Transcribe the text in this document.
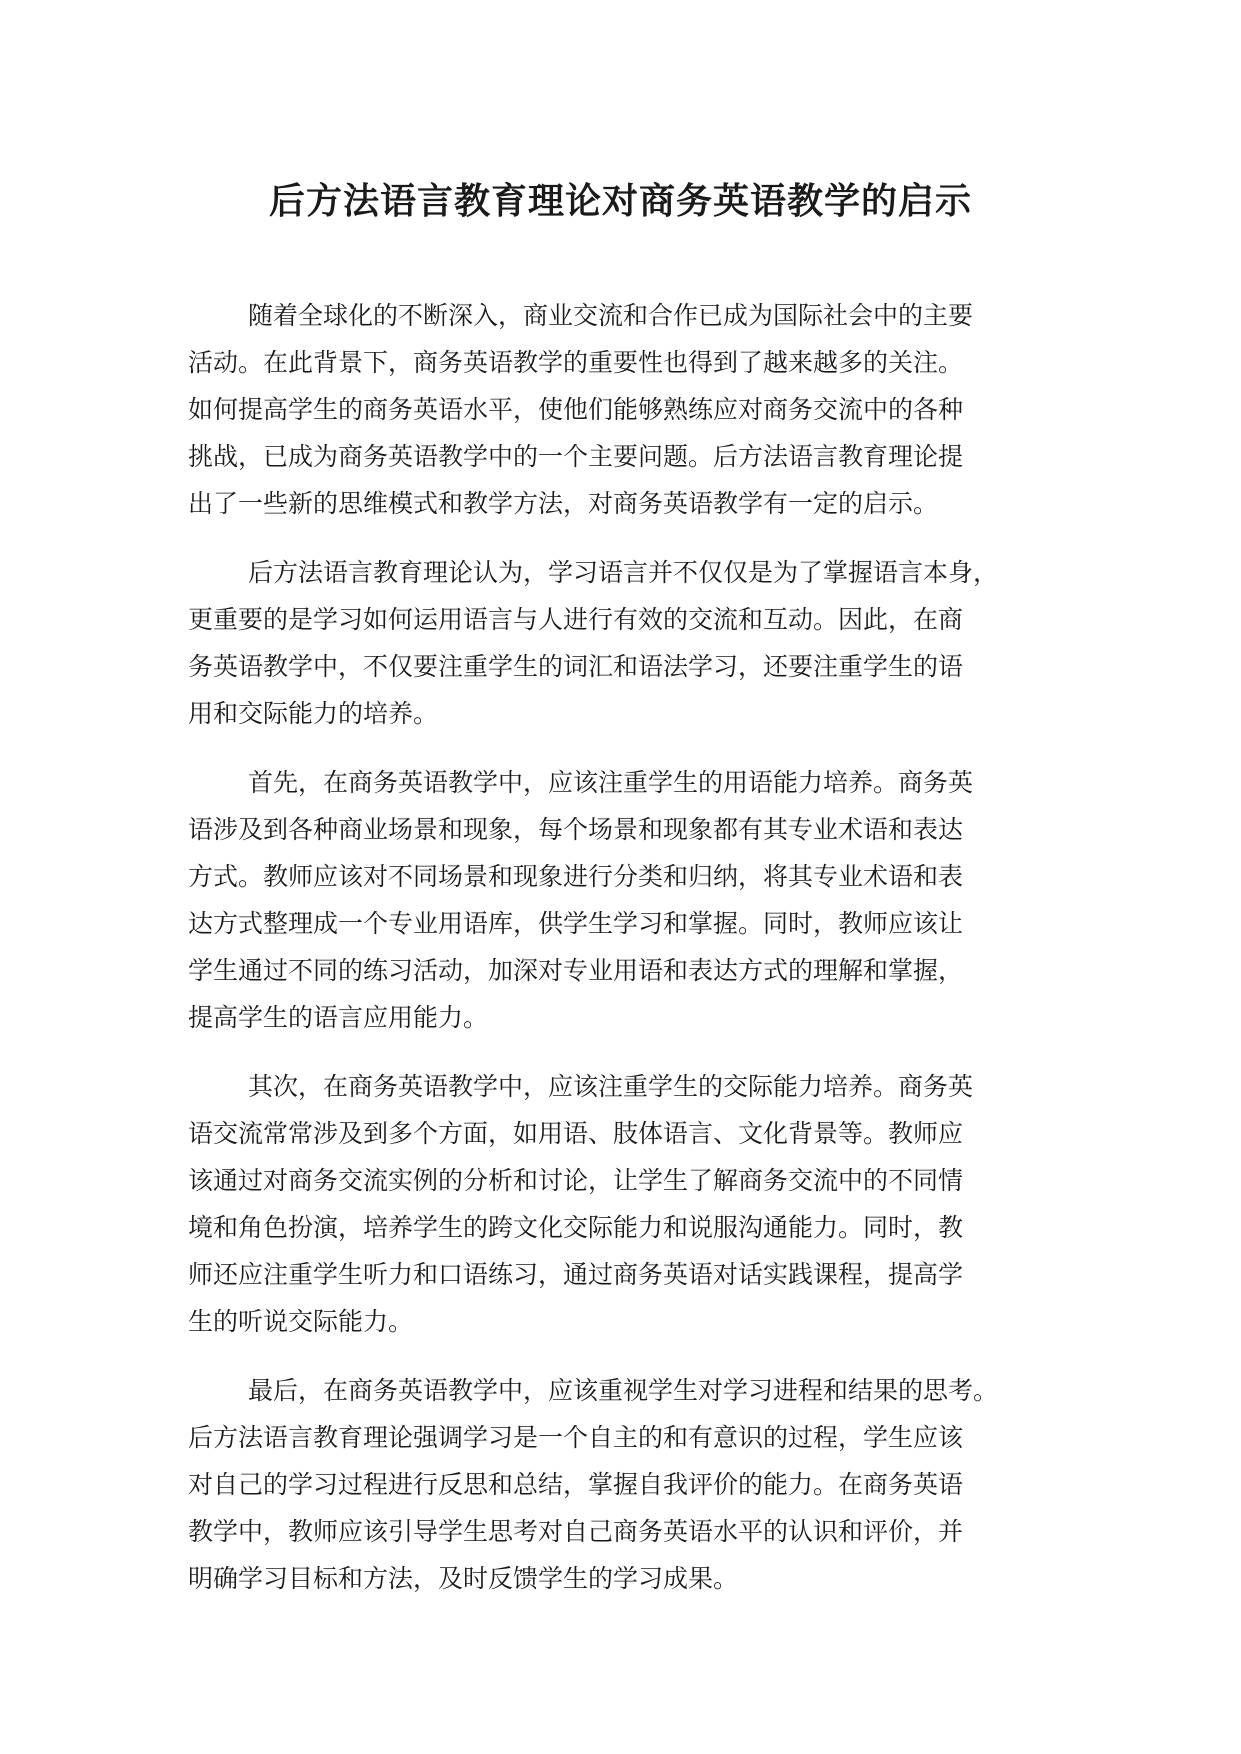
后方法语言教育理论对商务英语教学的启示
随着全球化的不断深入，商业交流和合作已成为国际社会中的主要
活动。在此背景下，商务英语教学的重要性也得到了越来越多的关注。
如何提高学生的商务英语水平，使他们能够熟练应对商务交流中的各种
挑战，已成为商务英语教学中的一个主要问题。后方法语言教育理论提
出了一些新的思维模式和教学方法，对商务英语教学有一定的启示。
后方法语言教育理论认为，学习语言并不仅仅是为了掌握语言本身，
更重要的是学习如何运用语言与人进行有效的交流和互动。因此，在商
务英语教学中，不仅要注重学生的词汇和语法学习，还要注重学生的语
用和交际能力的培养。
首先，在商务英语教学中，应该注重学生的用语能力培养。商务英
语涉及到各种商业场景和现象，每个场景和现象都有其专业术语和表达
方式。教师应该对不同场景和现象进行分类和归纳，将其专业术语和表
达方式整理成一个专业用语库，供学生学习和掌握。同时，教师应该让
学生通过不同的练习活动，加深对专业用语和表达方式的理解和掌握，
提高学生的语言应用能力。
其次，在商务英语教学中，应该注重学生的交际能力培养。商务英
语交流常常涉及到多个方面，如用语、肢体语言、文化背景等。教师应
该通过对商务交流实例的分析和讨论，让学生了解商务交流中的不同情
境和角色扮演，培养学生的跨文化交际能力和说服沟通能力。同时，教
师还应注重学生听力和口语练习，通过商务英语对话实践课程，提高学
生的听说交际能力。
最后，在商务英语教学中，应该重视学生对学习进程和结果的思考。
后方法语言教育理论强调学习是一个自主的和有意识的过程，学生应该
对自己的学习过程进行反思和总结，掌握自我评价的能力。在商务英语
教学中，教师应该引导学生思考对自己商务英语水平的认识和评价，并
明确学习目标和方法，及时反馈学生的学习成果。
